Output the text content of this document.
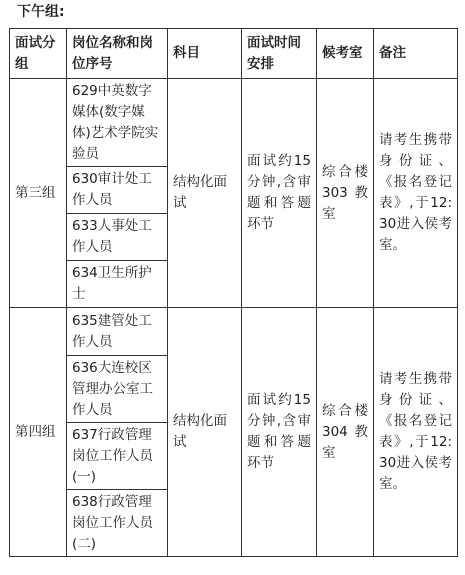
下午组:
面试分组	岗位名称和岗位序号	科目	面试时间安排	候考室	备注
第三组	629中英数字媒体(数字媒体)艺术学院实验员	结构化面试	面试约15分钟,含审题和答题环节	综合楼303教室	请考生携带身份证、《报名登记表》,于12:30进入侯考室。
	630审计处工作人员				
	633人事处工作人员				
	634卫生所护士				
第四组	635建管处工作人员	结构化面试	面试约15分钟,含审题和答题环节	综合楼304教室	请考生携带身份证、《报名登记表》,于12:30进入侯考室。
	636大连校区管理办公室工作人员				
	637行政管理岗位工作人员(一)				
	638行政管理岗位工作人员(二)				
